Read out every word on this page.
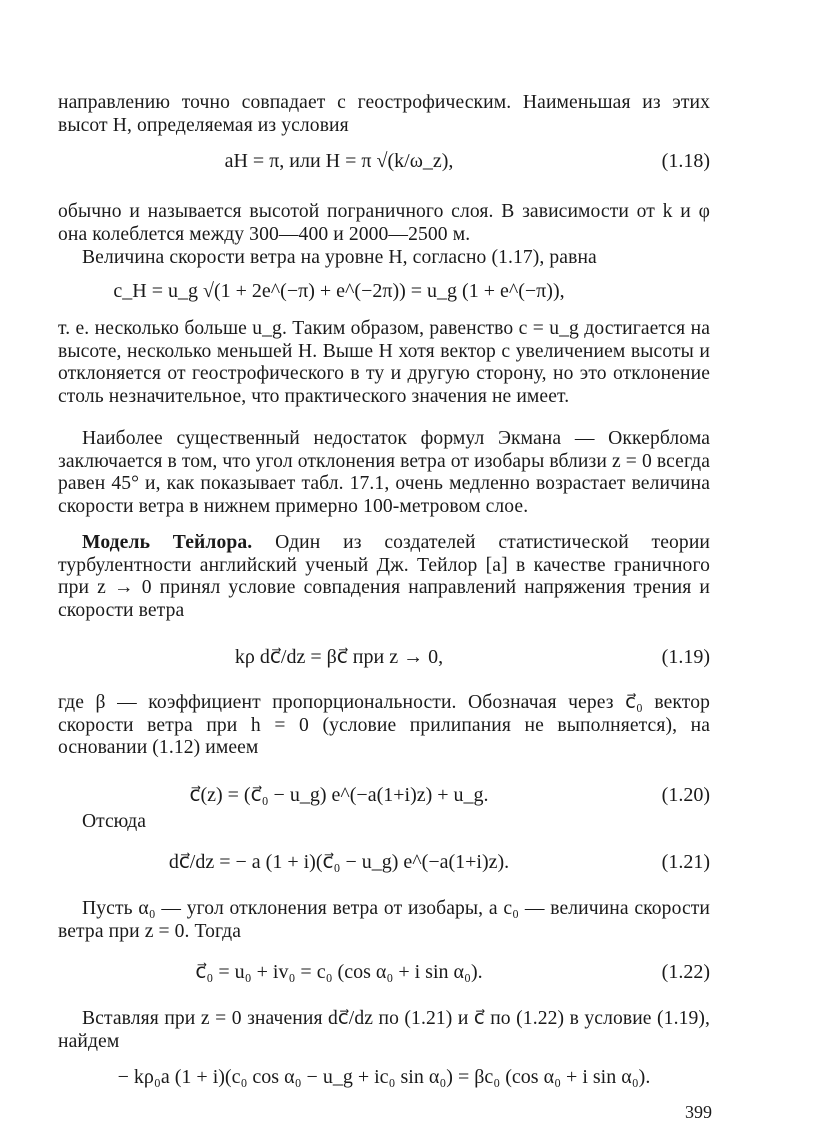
направлению точно совпадает с геострофическим. Наименьшая из этих высот H, определяемая из условия
aH = π, или H = π √(k/ω_z),	(1.18)
обычно и называется высотой пограничного слоя. В зависимости от k и φ она колеблется между 300—400 и 2000—2500 м.
Величина скорости ветра на уровне H, согласно (1.17), равна
c_H = u_g √(1 + 2e^(−π) + e^(−2π)) = u_g (1 + e^(−π)),
т. е. несколько больше u_g. Таким образом, равенство c = u_g достигается на высоте, несколько меньшей H. Выше H хотя вектор с увеличением высоты и отклоняется от геострофического в ту и другую сторону, но это отклонение столь незначительное, что практического значения не имеет.
Наиболее существенный недостаток формул Экмана — Оккерблома заключается в том, что угол отклонения ветра от изобары вблизи z = 0 всегда равен 45° и, как показывает табл. 17.1, очень медленно возрастает величина скорости ветра в нижнем примерно 100-метровом слое.
Модель Тейлора. Один из создателей статистической теории турбулентности английский ученый Дж. Тейлор [a] в качестве граничного при z → 0 принял условие совпадения направлений напряжения трения и скорости ветра
kρ dc⃗/dz = βc⃗ при z → 0,	(1.19)
где β — коэффициент пропорциональности. Обозначая через c⃗₀ вектор скорости ветра при h = 0 (условие прилипания не выполняется), на основании (1.12) имеем
c⃗(z) = (c⃗₀ − u_g) e^(−a(1+i)z) + u_g.	(1.20)
Отсюда
dc⃗/dz = − a (1 + i)(c⃗₀ − u_g) e^(−a(1+i)z).	(1.21)
Пусть α₀ — угол отклонения ветра от изобары, а c₀ — величина скорости ветра при z = 0. Тогда
c⃗₀ = u₀ + iv₀ = c₀ (cos α₀ + i sin α₀).	(1.22)
Вставляя при z = 0 значения dc⃗/dz по (1.21) и c⃗ по (1.22) в условие (1.19), найдем
− kρ₀a (1 + i)(c₀ cos α₀ − u_g + ic₀ sin α₀) = βc₀ (cos α₀ + i sin α₀).
399
